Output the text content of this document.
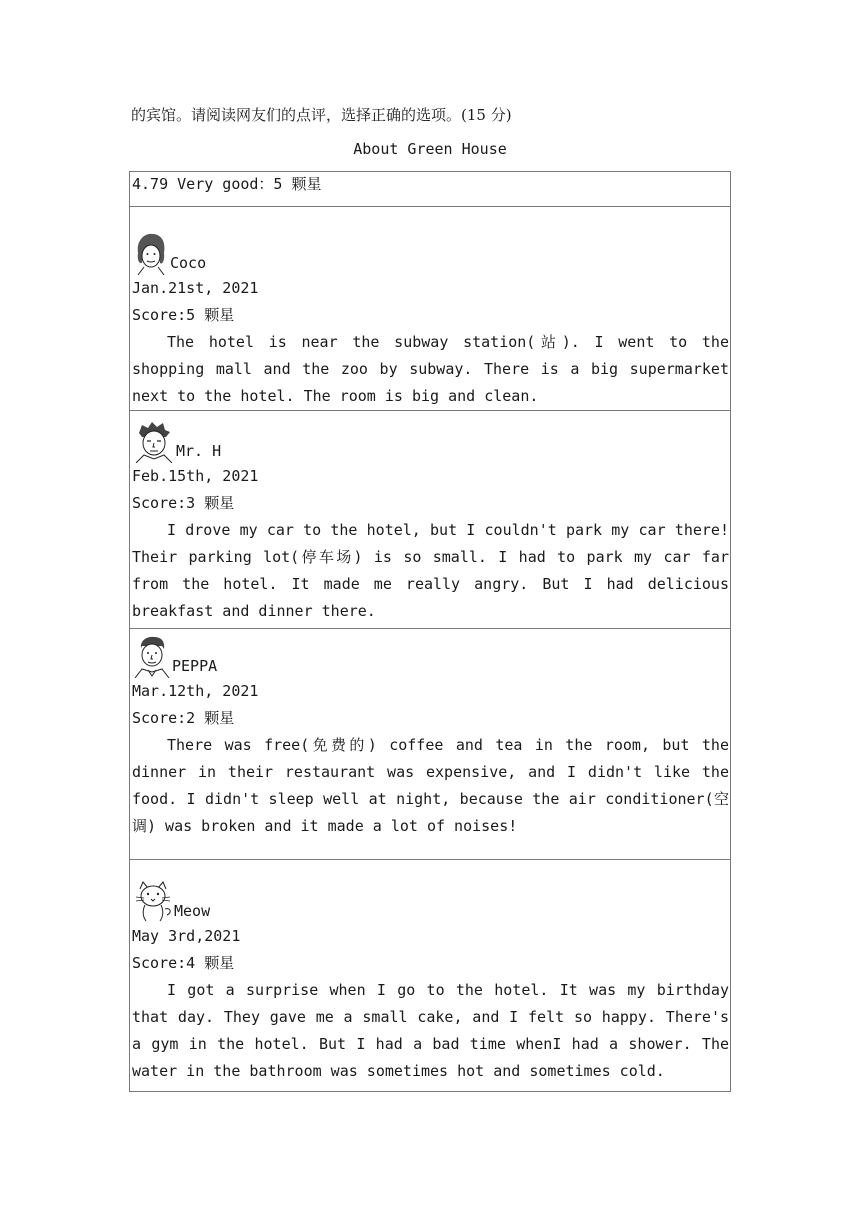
的宾馆。请阅读网友们的点评，选择正确的选项。(15 分)

About Green House

4.79 Very good：5 颗星
Coco
Jan.21st, 2021
Score:5 颗星

The hotel is near the subway station(站). I went to the shopping mall and the zoo by subway. There is a big supermarket next to the hotel. The room is big and clean.

Mr. H
Feb.15th, 2021
Score:3 颗星

I drove my car to the hotel, but I couldn't park my car there! Their parking lot(停车场) is so small. I had to park my car far from the hotel. It made me really angry. But I had delicious breakfast and dinner there.

PEPPA
Mar.12th, 2021
Score:2 颗星

There was free(免费的) coffee and tea in the room, but the dinner in their restaurant was expensive, and I didn't like the food. I didn't sleep well at night, because the air conditioner(空调) was broken and it made a lot of noises!

Meow
May 3rd,2021
Score:4 颗星

I got a surprise when I go to the hotel. It was my birthday that day. They gave me a small cake, and I felt so happy. There's a gym in the hotel. But I had a bad time whenI had a shower. The water in the bathroom was sometimes hot and sometimes cold.
